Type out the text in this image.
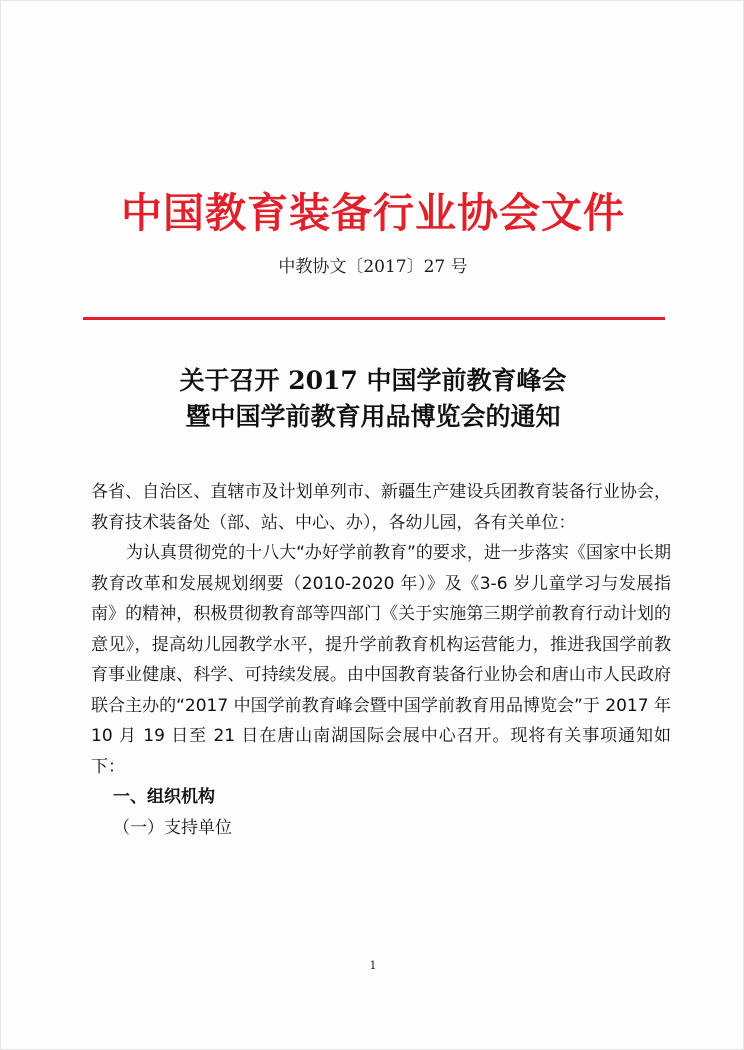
中国教育装备行业协会文件

中教协文〔2017〕27 号

关于召开 2017 中国学前教育峰会
暨中国学前教育用品博览会的通知

各省、自治区、直辖市及计划单列市、新疆生产建设兵团教育装备行业协会，教育技术装备处（部、站、中心、办），各幼儿园，各有关单位：

为认真贯彻党的十八大“办好学前教育”的要求，进一步落实《国家中长期教育改革和发展规划纲要（2010-2020 年）》及《3-6 岁儿童学习与发展指南》的精神，积极贯彻教育部等四部门《关于实施第三期学前教育行动计划的意见》，提高幼儿园教学水平，提升学前教育机构运营能力，推进我国学前教育事业健康、科学、可持续发展。由中国教育装备行业协会和唐山市人民政府联合主办的“2017 中国学前教育峰会暨中国学前教育用品博览会”于 2017 年 10 月 19 日至 21 日在唐山南湖国际会展中心召开。现将有关事项通知如下：

一、组织机构

（一）支持单位

1
